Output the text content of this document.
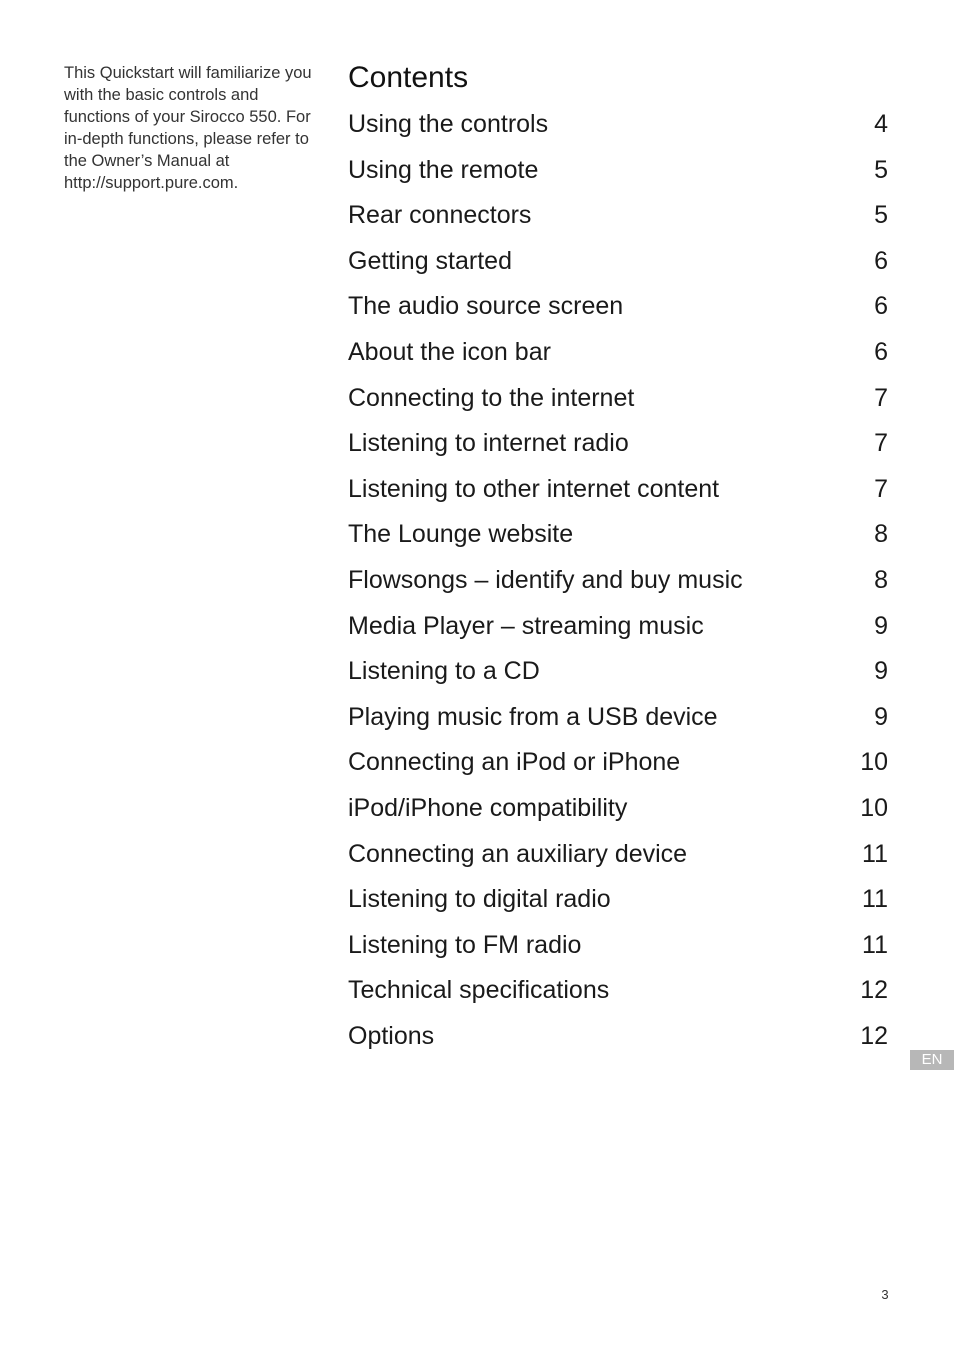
This Quickstart will familiarize you with the basic controls and functions of your Sirocco 550. For in-depth functions, please refer to the Owner’s Manual at http://support.pure.com.

Contents
Using the controls	4
Using the remote	5
Rear connectors	5
Getting started	6
The audio source screen	6
About the icon bar	6
Connecting to the internet	7
Listening to internet radio	7
Listening to other internet content	7
The Lounge website	8
Flowsongs – identify and buy music	8
Media Player – streaming music	9
Listening to a CD	9
Playing music from a USB device	9
Connecting an iPod or iPhone	10
iPod/iPhone compatibility	10
Connecting an auxiliary device	11
Listening to digital radio	11
Listening to FM radio	11
Technical specifications	12
Options	12
EN
3
